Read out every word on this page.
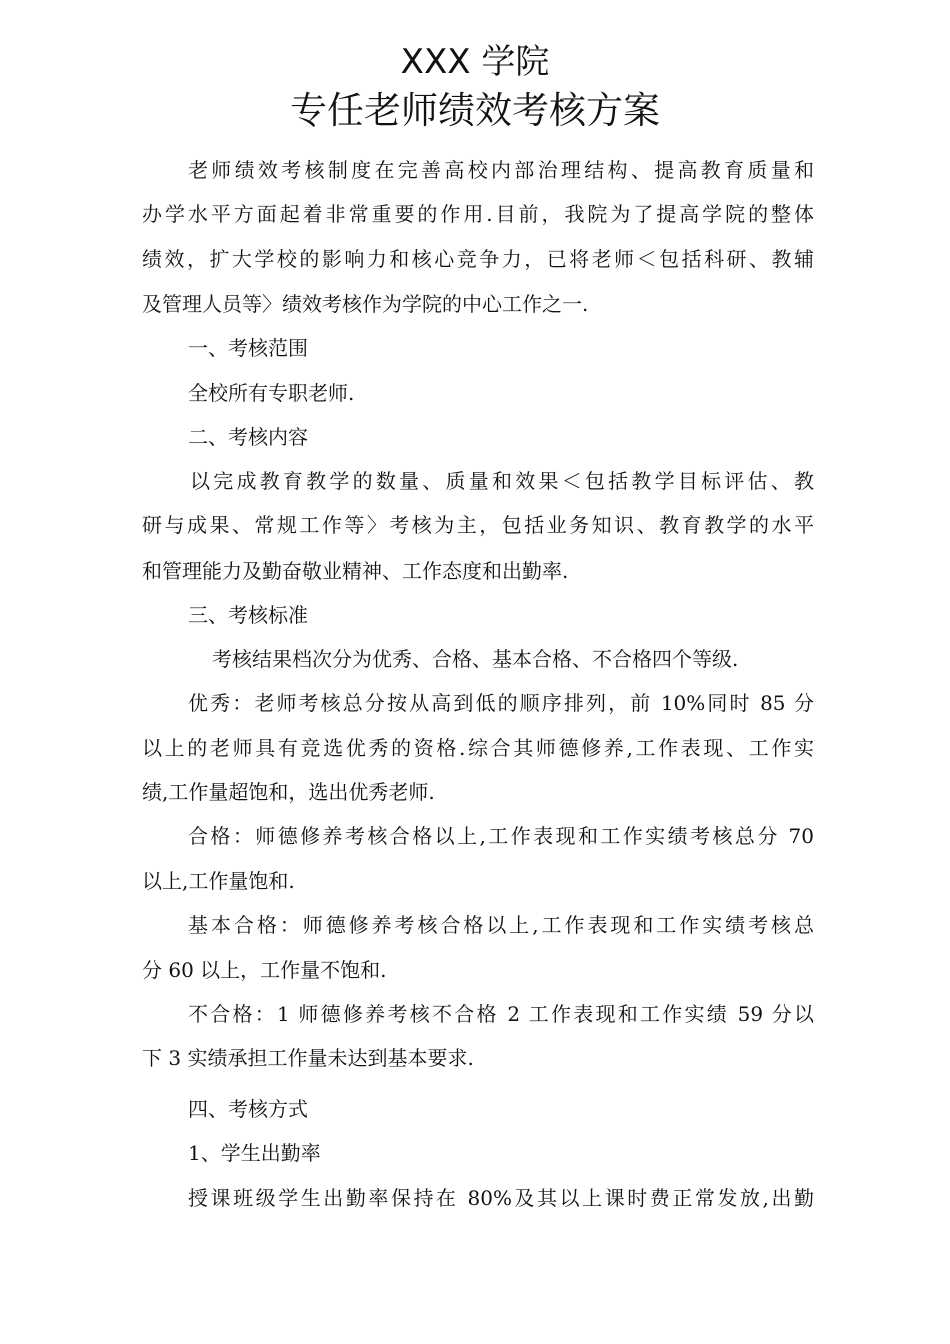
XXX 学院
专任老师绩效考核方案
老师绩效考核制度在完善高校内部治理结构、提高教育质量和
办学水平方面起着非常重要的作用.目前，我院为了提高学院的整体
绩效，扩大学校的影响力和核心竞争力，已将老师＜包括科研、教辅
及管理人员等〉绩效考核作为学院的中心工作之一.
一、考核范围
全校所有专职老师.
二、考核内容
以完成教育教学的数量、质量和效果＜包括教学目标评估、教
研与成果、常规工作等〉考核为主，包括业务知识、教育教学的水平
和管理能力及勤奋敬业精神、工作态度和出勤率.
三、考核标准
考核结果档次分为优秀、合格、基本合格、不合格四个等级.
优秀：老师考核总分按从高到低的顺序排列，前 10%同时 85 分
以上的老师具有竞选优秀的资格.综合其师德修养,工作表现、工作实
绩,工作量超饱和，选出优秀老师.
合格：师德修养考核合格以上,工作表现和工作实绩考核总分 70
以上,工作量饱和.
基本合格：师德修养考核合格以上,工作表现和工作实绩考核总
分 60 以上，工作量不饱和.
不合格：1 师德修养考核不合格 2 工作表现和工作实绩 59 分以
下 3 实绩承担工作量未达到基本要求.
四、考核方式
1、学生出勤率
授课班级学生出勤率保持在 80%及其以上课时费正常发放,出勤
